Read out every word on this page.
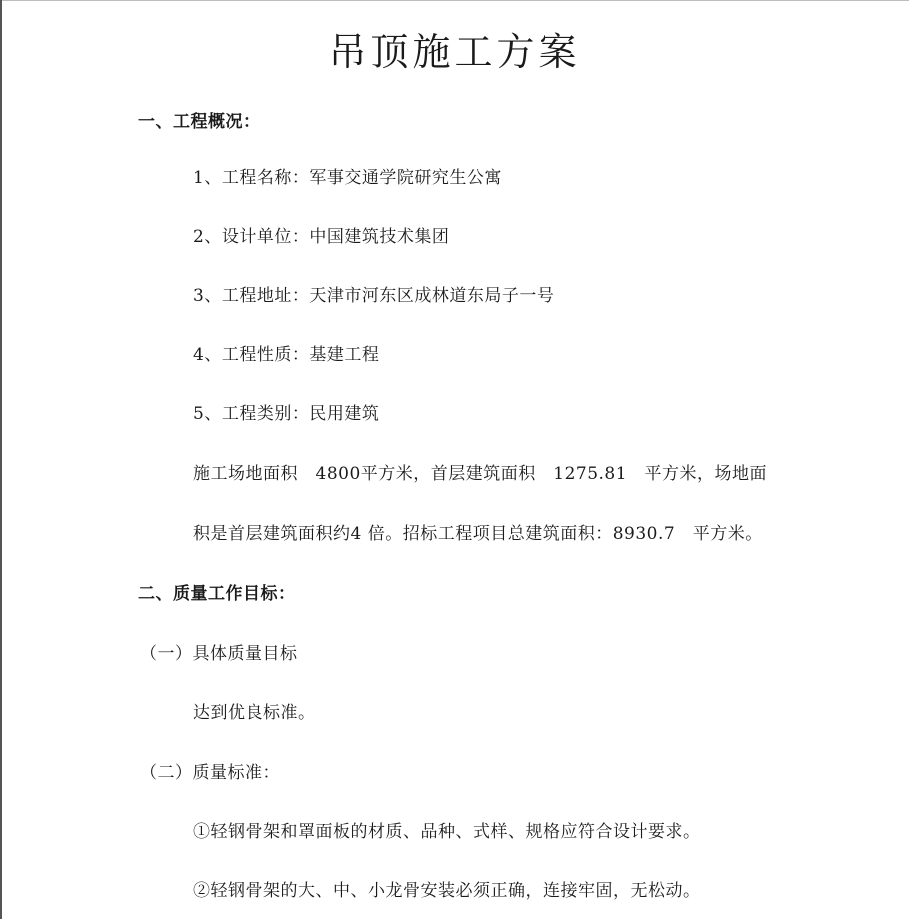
吊顶施工方案
一、工程概况：
1、工程名称：军事交通学院研究生公寓
2、设计单位：中国建筑技术集团
3、工程地址：天津市河东区成林道东局子一号
4、工程性质：基建工程
5、工程类别：民用建筑
施工场地面积　4800平方米，首层建筑面积　1275.81　平方米，场地面
积是首层建筑面积约4 倍。招标工程项目总建筑面积：8930.7　平方米。
二、质量工作目标：
（一）具体质量目标
达到优良标准。
（二）质量标准：
①轻钢骨架和罩面板的材质、品种、式样、规格应符合设计要求。
②轻钢骨架的大、中、小龙骨安装必须正确，连接牢固，无松动。
